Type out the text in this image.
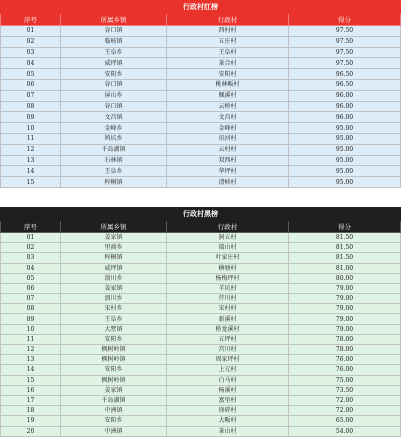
行政村红榜			
序号	所属乡镇	行政村	得分
01	谷口镇	西村村	97.50
02	临岐镇	五庄村	97.50
03	王阜乡	王阜村	97.50
04	威坪镇	茶合村	97.50
05	安阳乡	安阳村	96.50
06	谷口镇	桃林畈村	96.50
07	屏山乡	佩溪村	96.00
08	谷口镇	云桥村	96.00
09	文昌镇	文昌村	96.00
10	金峰乡	金峰村	95.00
11	鸠坑乡	讯河村	95.00
12	千岛湖镇	云村村	95.00
13	石林镇	双西村	95.00
14	王阜乡	华坪村	95.00
15	梓桐镇	清峡村	95.00
行政村黑榜			
序号	所属乡镇	行政村	得分
01	姜家镇	洞五村	81.50
02	里商乡	瑞山村	81.50
03	梓桐镇	叶家庄村	81.50
04	威坪镇	横塘村	81.00
05	浪川乡	杨梅坪村	80.00
06	姜家镇	羊坑村	79.00
07	浪川乡	芹川村	79.00
08	宋村乡	宋村村	79.00
09	王阜乡	新溪村	79.00
10	大墅镇	桥龙溪村	79.00
11	安阳乡	五坪村	78.00
12	枫树岭镇	宫川村	78.00
13	枫树岭镇	周家坪村	76.00
14	安阳乡	上元村	76.00
15	枫树岭镇	白马村	75.00
16	姜家镇	杨溪村	73.50
17	千岛湖镇	富里村	72.00
18	中洲镇	徐碎村	72.00
19	安阳乡	大畈村	65.00
20	中洲镇	茶山村	54.00
